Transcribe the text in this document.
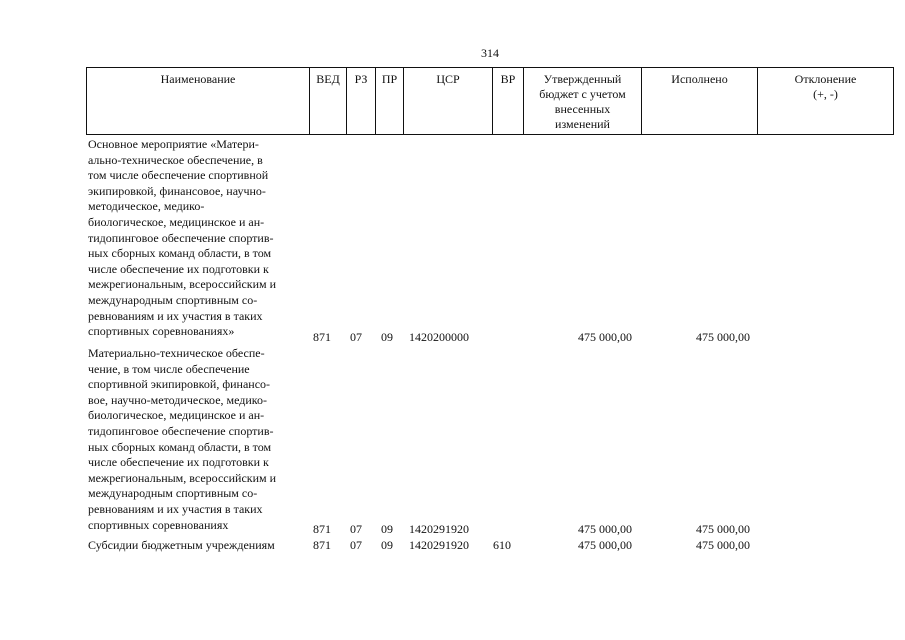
314
Наименование	ВЕД	РЗ	ПР	ЦСР	ВР	Утвержденный
бюджет с учетом
внесенных
изменений
Исполнено	Отклонение
(+, -)
Основное мероприятие «Матери-
ально-техническое обеспечение, в
том числе обеспечение спортивной
экипировкой, финансовое, научно-
методическое, медико-
биологическое, медицинское и ан-
тидопинговое обеспечение спортив-
ных сборных команд области, в том
числе обеспечение их подготовки к
межрегиональным, всероссийским и
международным спортивным со-
ревнованиям и их участия в таких
спортивных соревнованиях»	871 07 09 1420200000	475 000,00	475 000,00
Материально-техническое обеспе-
чение, в том числе обеспечение
спортивной экипировкой, финансо-
вое, научно-методическое, медико-
биологическое, медицинское и ан-
тидопинговое обеспечение спортив-
ных сборных команд области, в том
числе обеспечение их подготовки к
межрегиональным, всероссийским и
международным спортивным со-
ревнованиям и их участия в таких
спортивных соревнованиях	871 07 09 1420291920	475 000,00	475 000,00
Субсидии бюджетным учреждениям	871 07 09 1420291920 610	475 000,00	475 000,00
